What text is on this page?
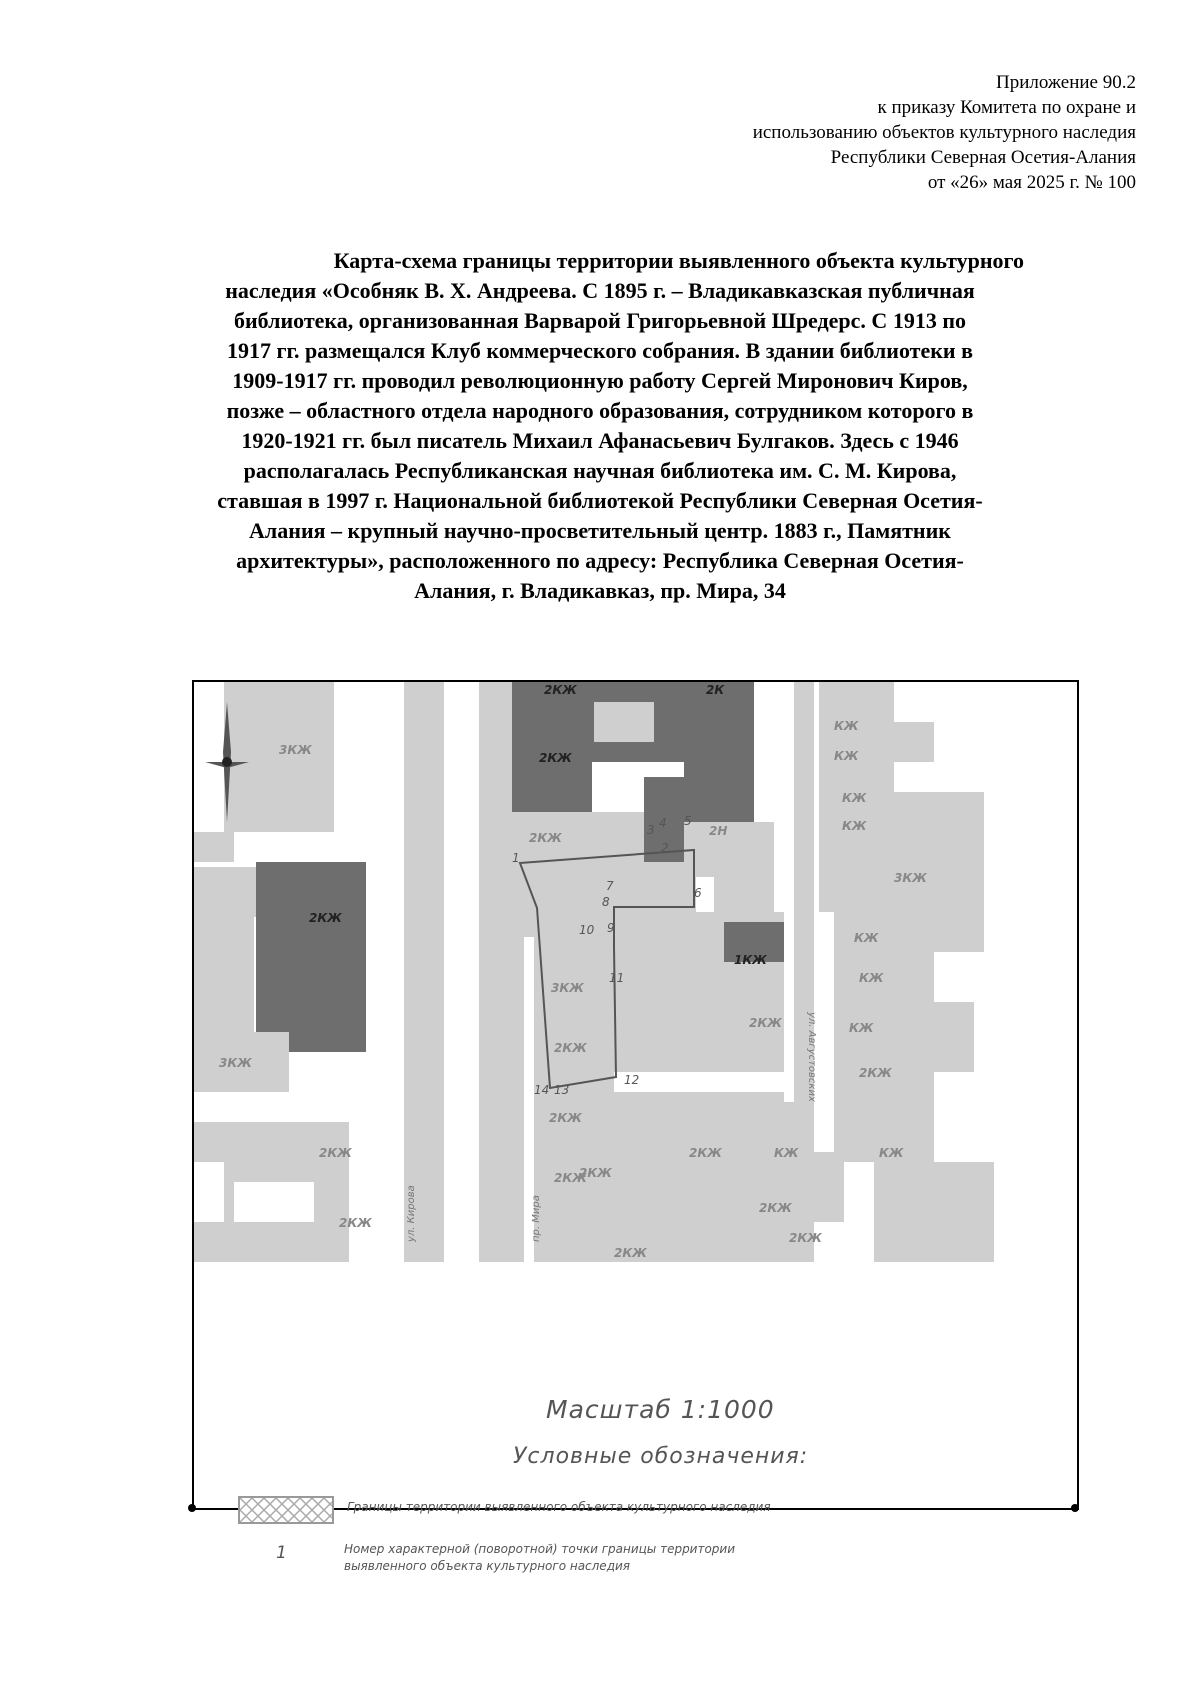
Приложение 90.2
к приказу Комитета по охране и
использованию объектов культурного наследия
Республики Северная Осетия-Алания
от «26» мая 2025 г. № 100
Карта-схема границы территории выявленного объекта культурного
наследия «Особняк В. Х. Андреева. С 1895 г. – Владикавказская публичная
библиотека, организованная Варварой Григорьевной Шредерс. С 1913 по
1917 гг. размещался Клуб коммерческого собрания. В здании библиотеки в
1909-1917 гг. проводил революционную работу Сергей Миронович Киров,
позже – областного отдела народного образования, сотрудником которого в
1920-1921 гг. был писатель Михаил Афанасьевич Булгаков. Здесь с 1946
располагалась Республиканская научная библиотека им. С. М. Кирова,
ставшая в 1997 г. Национальной библиотекой Республики Северная Осетия-
Алания – крупный научно-просветительный центр. 1883 г., Памятник
архитектуры», расположенного по адресу: Республика Северная Осетия-
Алания, г. Владикавказ, пр. Мира, 34
3КЖ
2КЖ
3КЖ
2КЖ
2КЖ
2КЖ	2К
2КЖ
2Н
2КЖ
КЖ
КЖ
КЖ
КЖ
3КЖ
КЖ
КЖ
КЖ
1КЖ
2КЖ
3КЖ
2КЖ
2КЖ
2КЖ
2КЖ
2КЖ	КЖ
2КЖ
2КЖ
2КЖ
КЖ
2КЖ
1
2
3 4 5
6
7
8
9
10
11
12
13
14
пр. Мира
ул. Кирова
ул. Августовских
Масштаб 1:1000
Условные обозначения:
Границы территории выявленного объекта культурного наследия
1	Номер характерной (поворотной) точки границы территории
выявленного объекта культурного наследия
